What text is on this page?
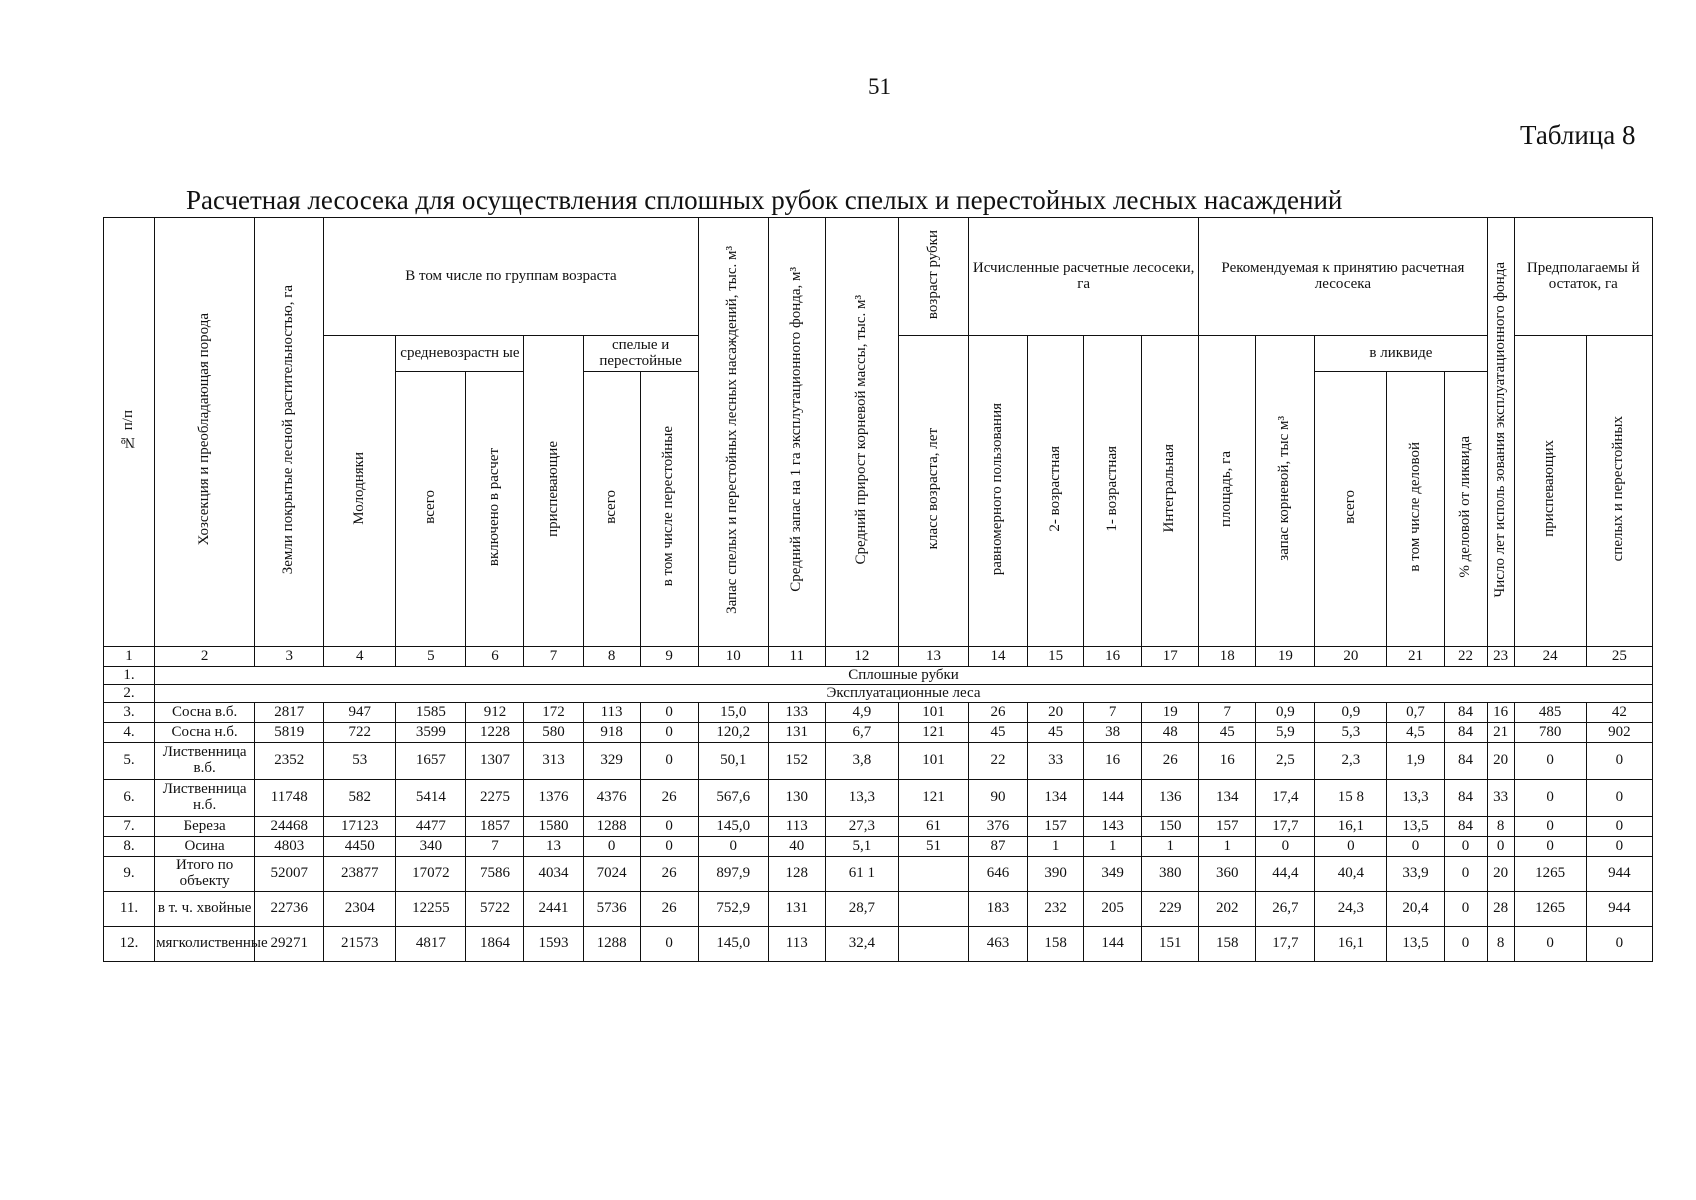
51
Таблица 8
Расчетная лесосека для осуществления сплошных рубок спелых и перестойных лесных насаждений
№ п/п	Хозсекция и преобладающая порода	Земли покрытые лесной растительностью, га	В том числе по группам возраста						Запас спелых и перестойных лесных насаждений, тыс. м³	Средний запас на 1 га эксплутационного фонда, м³	Средний прирост корневой массы, тыс. м³	возраст рубки	Исчисленные расчетные лесосеки, га				Рекомендуемая к принятию расчетная лесосека					Число лет исполь зования эксплуатационного фонда	Предполагаемы й остаток, га	
			Молодняки	средневозрастн ые		приспевающие	спелые и перестойные					класс возраста, лет	равномерного пользования	2- возрастная	1- возрастная	Интегральная	площадь, га	запас корневой, тыс м³	в ликвиде				приспевающих	спелых и перестойных

				всего	включено в расчет		всего	в том числе перестойные											всего	в том числе деловой	% деловой от ликвида			
1	2	3	4	5	6	7	8	9	10	11	12	13	14	15	16	17	18	19	20	21	22	23	24	25
1.	Сплошные рубки																							
2.	Эксплуатационные леса																							
3.	Сосна в.б.	2817	947	1585	912	172	113	0	15,0	133	4,9	101	26	20	7	19	7	0,9	0,9	0,7	84	16	485	42
4.	Сосна н.б.	5819	722	3599	1228	580	918	0	120,2	131	6,7	121	45	45	38	48	45	5,9	5,3	4,5	84	21	780	902
5.	Лиственница в.б.	2352	53	1657	1307	313	329	0	50,1	152	3,8	101	22	33	16	26	16	2,5	2,3	1,9	84	20	0	0
6.	Лиственница н.б.	11748	582	5414	2275	1376	4376	26	567,6	130	13,3	121	90	134	144	136	134	17,4	15 8	13,3	84	33	0	0
7.	Береза	24468	17123	4477	1857	1580	1288	0	145,0	113	27,3	61	376	157	143	150	157	17,7	16,1	13,5	84	8	0	0
8.	Осина	4803	4450	340	7	13	0	0	0	40	5,1	51	87	1	1	1	1	0	0	0	0	0	0	0
9.	Итого по объекту	52007	23877	17072	7586	4034	7024	26	897,9	128	61 1		646	390	349	380	360	44,4	40,4	33,9	0	20	1265	944
11.	в т. ч. хвойные	22736	2304	12255	5722	2441	5736	26	752,9	131	28,7		183	232	205	229	202	26,7	24,3	20,4	0	28	1265	944
12.	мягколиственные	29271	21573	4817	1864	1593	1288	0	145,0	113	32,4		463	158	144	151	158	17,7	16,1	13,5	0	8	0	0
